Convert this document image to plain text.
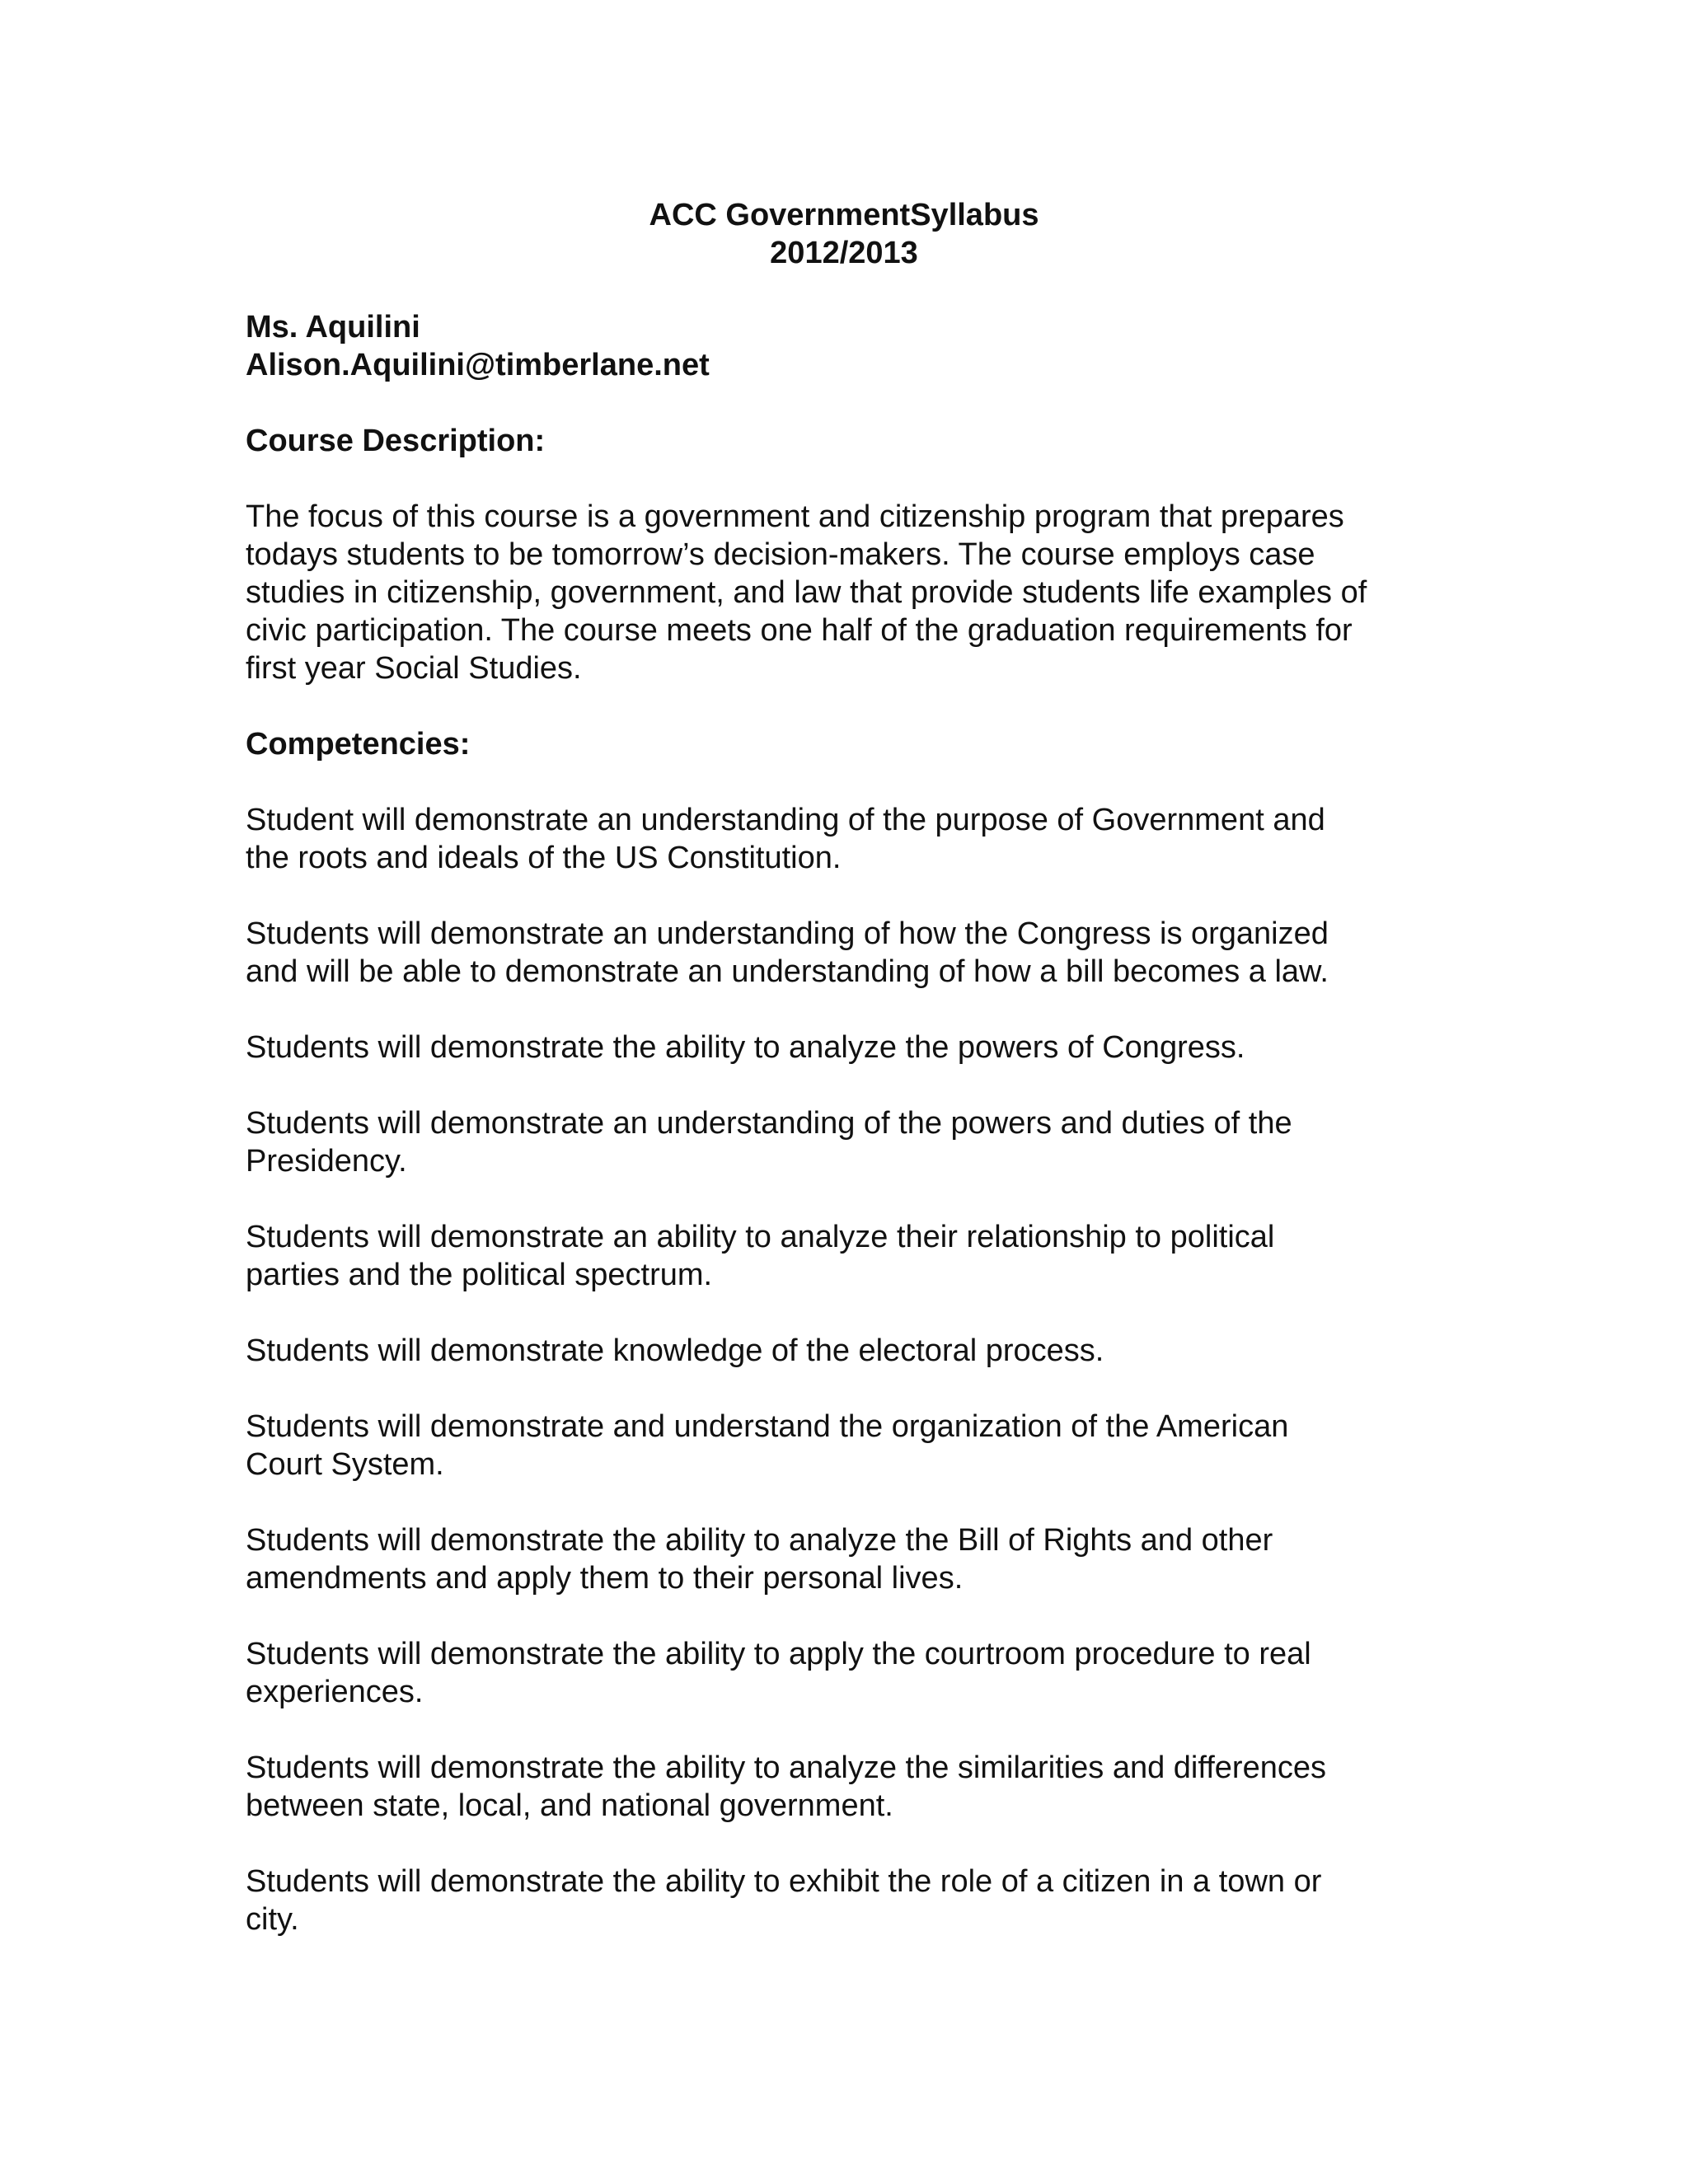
ACC GovernmentSyllabus

2012/2013

Ms. Aquilini

Alison.Aquilini@timberlane.net

Course Description:

The focus of this course is a government and citizenship program that prepares
todays students to be tomorrow’s decision-makers. The course employs case
studies in citizenship, government, and law that provide students life examples of
civic participation. The course meets one half of the graduation requirements for
first year Social Studies.

Competencies:

Student will demonstrate an understanding of the purpose of Government and
the roots and ideals of the US Constitution.

Students will demonstrate an understanding of how the Congress is organized
and will be able to demonstrate an understanding of how a bill becomes a law.

Students will demonstrate the ability to analyze the powers of Congress.

Students will demonstrate an understanding of the powers and duties of the
Presidency.

Students will demonstrate an ability to analyze their relationship to political
parties and the political spectrum.

Students will demonstrate knowledge of the electoral process.

Students will demonstrate and understand the organization of the American
Court System.

Students will demonstrate the ability to analyze the Bill of Rights and other
amendments and apply them to their personal lives.

Students will demonstrate the ability to apply the courtroom procedure to real
experiences.

Students will demonstrate the ability to analyze the similarities and differences
between state, local, and national government.

Students will demonstrate the ability to exhibit the role of a citizen in a town or
city.
